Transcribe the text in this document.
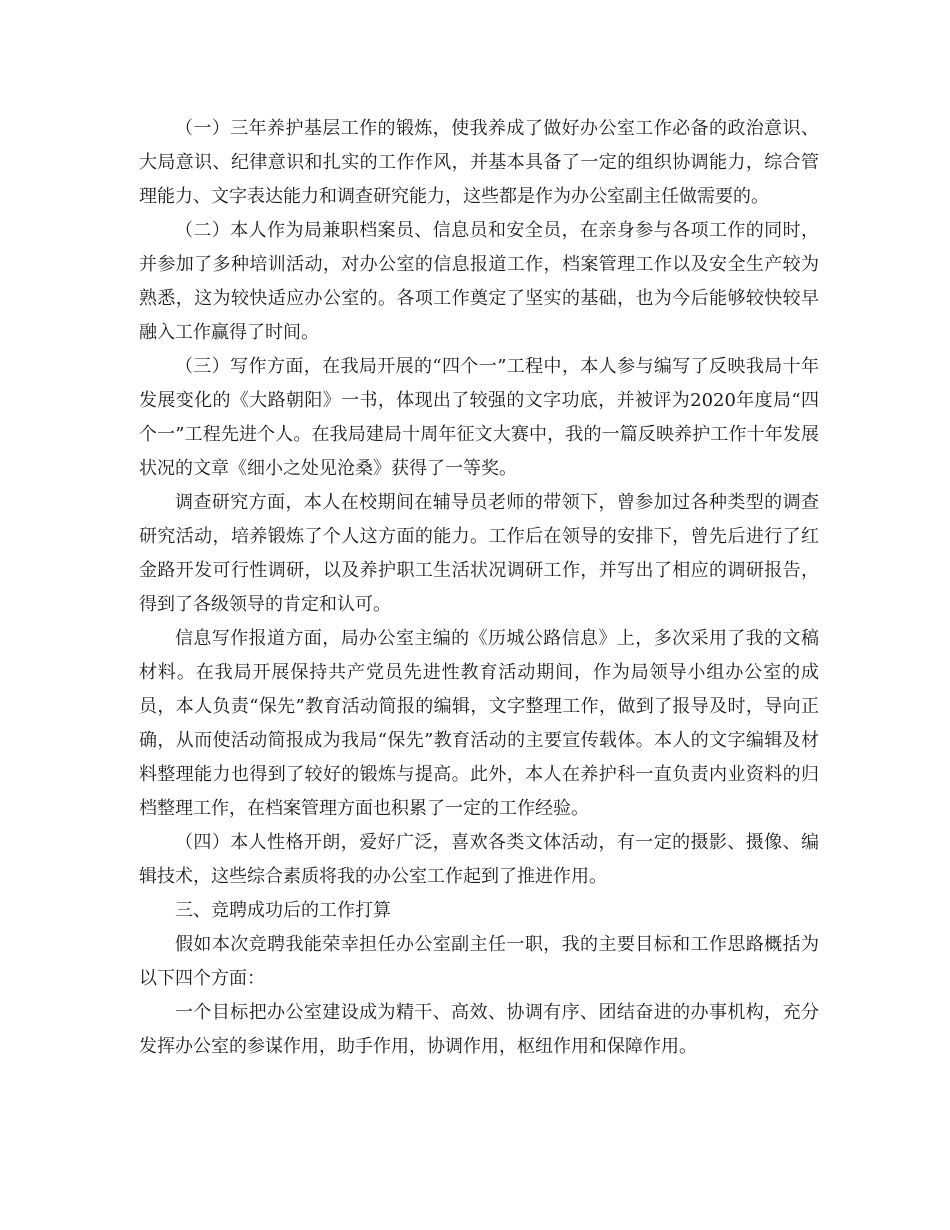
（一）三年养护基层工作的锻炼，使我养成了做好办公室工作必备的政治意识、大局意识、纪律意识和扎实的工作作风，并基本具备了一定的组织协调能力，综合管理能力、文字表达能力和调查研究能力，这些都是作为办公室副主任做需要的。

（二）本人作为局兼职档案员、信息员和安全员，在亲身参与各项工作的同时，并参加了多种培训活动，对办公室的信息报道工作，档案管理工作以及安全生产较为熟悉，这为较快适应办公室的。各项工作奠定了坚实的基础，也为今后能够较快较早融入工作赢得了时间。

（三）写作方面，在我局开展的“四个一”工程中，本人参与编写了反映我局十年发展变化的《大路朝阳》一书，体现出了较强的文字功底，并被评为2020年度局“四个一”工程先进个人。在我局建局十周年征文大赛中，我的一篇反映养护工作十年发展状况的文章《细小之处见沧桑》获得了一等奖。

调查研究方面，本人在校期间在辅导员老师的带领下，曾参加过各种类型的调查研究活动，培养锻炼了个人这方面的能力。工作后在领导的安排下，曾先后进行了红金路开发可行性调研，以及养护职工生活状况调研工作，并写出了相应的调研报告，得到了各级领导的肯定和认可。

信息写作报道方面，局办公室主编的《历城公路信息》上，多次采用了我的文稿材料。在我局开展保持共产党员先进性教育活动期间，作为局领导小组办公室的成员，本人负责“保先”教育活动简报的编辑，文字整理工作，做到了报导及时，导向正确，从而使活动简报成为我局“保先”教育活动的主要宣传载体。本人的文字编辑及材料整理能力也得到了较好的锻炼与提高。此外，本人在养护科一直负责内业资料的归档整理工作，在档案管理方面也积累了一定的工作经验。

（四）本人性格开朗，爱好广泛，喜欢各类文体活动，有一定的摄影、摄像、编辑技术，这些综合素质将我的办公室工作起到了推进作用。

三、竞聘成功后的工作打算

假如本次竞聘我能荣幸担任办公室副主任一职，我的主要目标和工作思路概括为以下四个方面：

一个目标把办公室建设成为精干、高效、协调有序、团结奋进的办事机构，充分发挥办公室的参谋作用，助手作用，协调作用，枢纽作用和保障作用。
